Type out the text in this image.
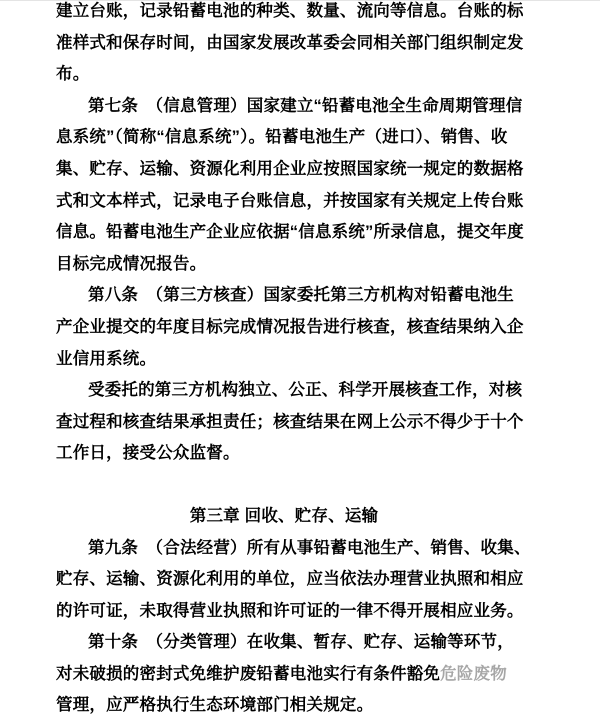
建立台账，记录铅蓄电池的种类、数量、流向等信息。台账的标
准样式和保存时间，由国家发展改革委会同相关部门组织制定发
布。
第七条　（信息管理）国家建立“铅蓄电池全生命周期管理信
息系统”（简称“信息系统”）。铅蓄电池生产（进口）、销售、收
集、贮存、运输、资源化利用企业应按照国家统一规定的数据格
式和文本样式，记录电子台账信息，并按国家有关规定上传台账
信息。铅蓄电池生产企业应依据“信息系统”所录信息，提交年度
目标完成情况报告。
第八条　（第三方核查）国家委托第三方机构对铅蓄电池生
产企业提交的年度目标完成情况报告进行核查，核查结果纳入企
业信用系统。
受委托的第三方机构独立、公正、科学开展核查工作，对核
查过程和核查结果承担责任；核查结果在网上公示不得少于十个
工作日，接受公众监督。
第三章 回收、贮存、运输
第九条　（合法经营）所有从事铅蓄电池生产、销售、收集、
贮存、运输、资源化利用的单位，应当依法办理营业执照和相应
的许可证，未取得营业执照和许可证的一律不得开展相应业务。
第十条　（分类管理）在收集、暂存、贮存、运输等环节，
对未破损的密封式免维护废铅蓄电池实行有条件豁免危险废物
管理，应严格执行生态环境部门相关规定。
